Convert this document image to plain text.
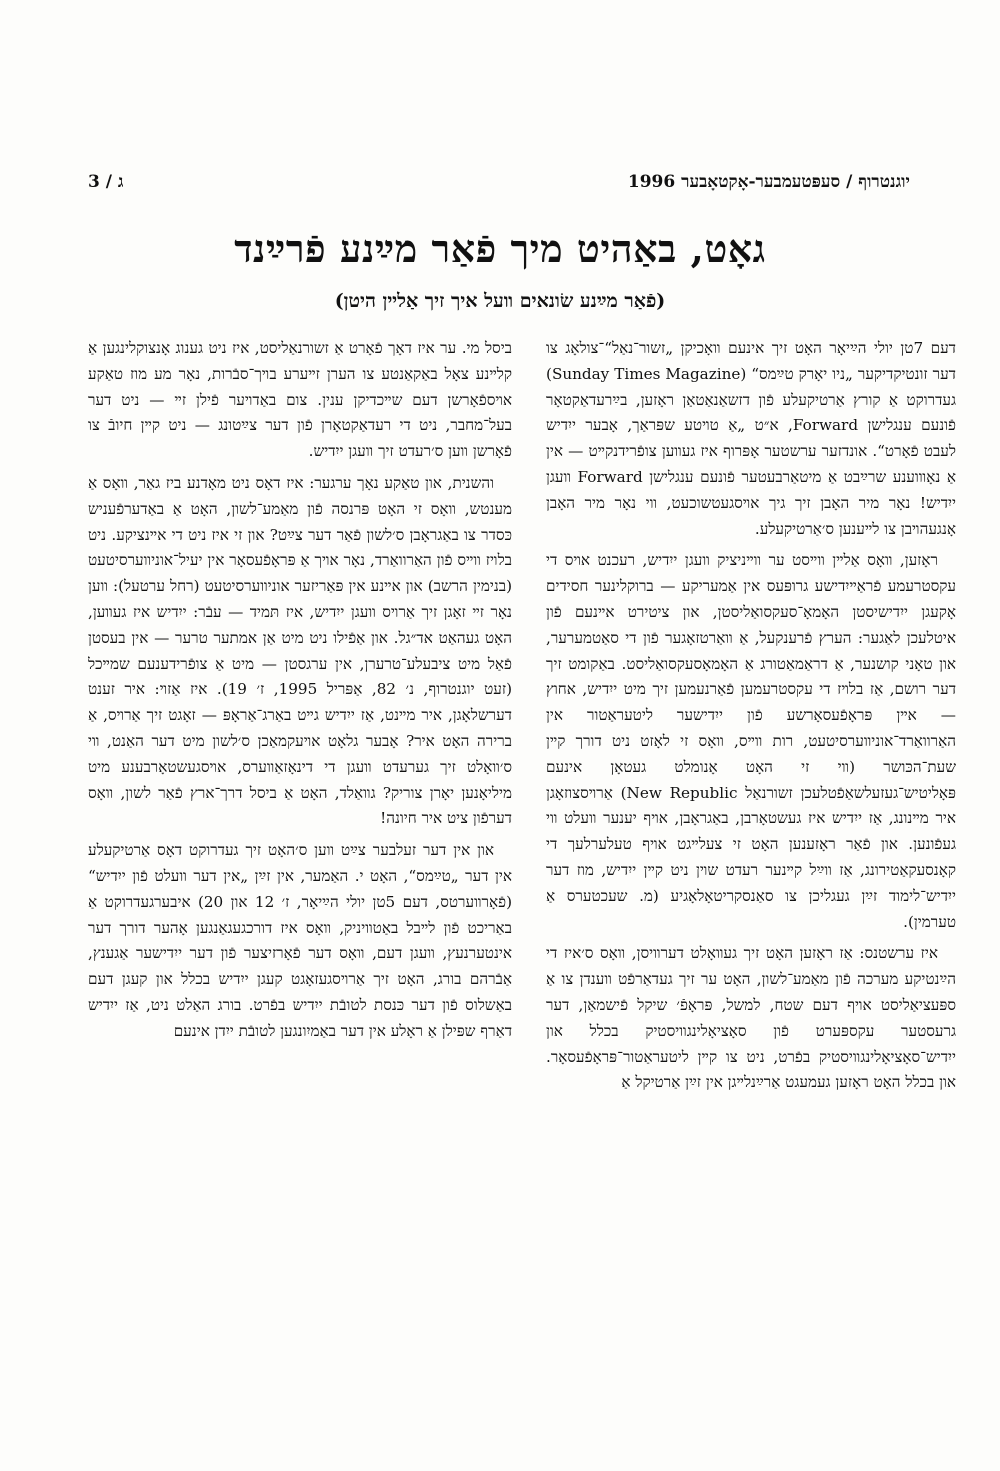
ג / 3	יוגנטרוף / סעפּטעמבער-אָקטאָבער 1996
גאָט, באַהיט מיך פֿאַר מײַנע פֿרײַנד
(פֿאַר מײַנע שׂונאים װעל איך זיך אַלײן היטן)

דעם 7טן יולי הײַיאָר האָט זיך אינעם װאָכיקן „זשור־נאַל“־צולאָג צו דער זונטיקדיקער „ניו יאָרק טײַמס“ (Sunday Times Magazine) געדרוקט אַ קורץ אַרטיקעלע פֿון דזשאַנאַטאַן ראָזען, בײַרעדאַקטאָר פֿונעם ענגלישן Forward, א״ט „אַ טױטע שפּראַך, אָבער ייִדיש לעבט פֿאָרט“. אונדזער ערשטער אָפּרוף איז געװען צופֿרידנקײט — אין אַ נאָװוענע שרײַבט אַ מיטאַרבעטער פֿונעם ענגלישן Forward װעגן ייִדיש! נאָר מיר האָבן זיך גיך אױסגעטשוכעט, װי נאָר מיר האָבן אָנגעהױבן צו לײענען ס׳אַרטיקעלע.

ראָזען, װאָס אַלײן װײסט ער װײניציק װעגן ייִדיש, רעכנט אױס די עקסטרעמע פֿראַײיִדישע גרופּעס אין אַמעריקע — ברוקלינער חסידים אָקעגן ייִדישיסטן האָמאָ־סעקסואַליסטן, און ציטירט אײנעם פֿון איטלעכן לאַגער: הערץ פֿרענקעל, אַ װאַרטזאָגער פֿון די סאַטמערער, און טאָני קושנער, אַ דראַמאַטורג אַ האָמאָסעקסואַליסט. באַקומט זיך דער רושם, אַז בלױז די עקסטרעמען פֿאַרנעמען זיך מיט ייִדיש, אחוץ — אײן פּראָפֿעסאָרשע פֿון ייִדישער ליטעראַטור אין האַרוואַרד־אוניװערסיטעט, רות װײס, װאָס זי לאָזט ניט דורך קײן שעת־הכּושר (װי זי האָט אָנומלט געטאָן אינעם פּאָליטיש־געזעלשאַפֿטלעכן זשורנאַל New Republic) אַרױסצוזאָגן איר מײנונג, אַז ייִדיש איז געשטאָרבן, באַגראָבן, אױף יענער װעלט װי געפֿונען. און פֿאַר ראָזענען האָט זי צעלײגט אױף טעלערלעך די קאָנסעקאַטירונג, אַז װײַל קײנער רעדט שױן ניט קײן ייִדיש, מוז דער ייִדיש־לימוד זײַן געגליכן צו סאַנסקריטאָלאָגיע (מ. שעכטערס אַ טערמין).

איז ערשטנס: אַז ראָזען האָט זיך געװאָלט דערװיסן, װאָס ס׳איז די הײַנטיקע מערכה פֿון מאַמע־לשון, האָט ער זיך געדאַרפֿט װענדן צו אַ ספּעציאַליסט אױף דעם שטח, למשל, פּראָפֿ׳ שיקל פֿישמאַן, דער גרעסטער עקספּערט פֿון סאָציאָלינגװיסטיק בכלל און ייִדיש־סאָציאָלינגװיסטיק בפֿרט, ניט צו קײן ליטעראַטור־פּראָפֿעסאָר. און בכלל האָט ראָזען געמעגט אַרײַנלײגן אין זײַן אַרטיקל אַ

ביסל מי. ער איז דאָך פֿאָרט אַ זשורנאַליסט, איז ניט גענוג אָנצוקלינגען אַ קלײנע צאָל באַקאַנטע צו הערן זײערע בױך־סבֿרות, נאָר מע מוז טאַקע אױספֿאָרשן דעם שײכדיקן ענין. צום באַדױער פֿילן זײ — ניט דער בעל־מחבר, ניט די רעדאַקטאָרן פֿון דער צײַטונג — ניט קײן חיובֿ צו פֿאָרשן װען ס׳רעדט זיך װעגן ייִדיש.

והשנית, און טאַקע נאָך ערגער: איז דאָס ניט מאָדנע ביז גאַר, װאָס אַ מענטש, װאָס זי האָט פּרנסה פֿון מאַמע־לשון, האָט אַ באַדערפֿעניש כּסדר צו באַגראָבן ס׳לשון פֿאַר דער צײַט? און זי איז ניט די אײנציקע. ניט בלױז װײס פֿון האַרוואַרד, נאָר אױך אַ פּראָפֿעסאָר אין יעיל־אוניװערסיטעט (בנימין הרשב) און אײנע אין פּאַריזער אוניװערסיטעט (רחל ערטעל): װען נאָר זײ זאָגן זיך אַרױס װעגן ייִדיש, איז תּמיד — עבֿר: ייִדיש איז געװען, האָט געהאַט אד״גל. און אַפֿילו ניט מיט אַן אמתער טרער — אין בעסטן פֿאַל מיט ציבעלע־טרערן, אין ערגסטן — מיט אַ צופֿרידענעם שמײכל (זעט יוגנטרוף, נ׳ 82, אַפּריל 1995, ז׳ 19). איז אַזױ: איר זענט דערשלאָגן, איר מײנט, אַז ייִדיש גײט באַרג־אַראָפּ — זאָגט זיך אַרױס, אַ ברירה האָט איר? אָבער גלאָט אױעקמאַכן ס׳לשון מיט דער האַנט, װי ס׳װאָלט זיך גערעדט װעגן די דינאָזאַװערס, אױסגעשטאָרבענע מיט מיליאָנען יאָרן צוריק? גװאַלד, האָט אַ ביסל דרך־ארץ פֿאַר לשון, װאָס דערפֿון ציט איר חיונה!

און אין דער זעלבער צײַט װען ס׳האָט זיך געדרוקט דאָס אַרטיקעלע אין דער „טײַמס“, האָט י. האַמער, אין זײַן „אין דער װעלט פֿון ייִדיש“ (פֿאָרװערטס, דעם 5טן יולי הײַיאָר, ז׳ 12 און 20) איבערגעדרוקט אַ באַריכט פֿון לײבל באַטװיניק, װאָס איז דורכגעגאַנגען אָהער דורך דער אינטערנעץ, װעגן דעם, װאָס דער פֿאָרזיצער פֿון דער ייִדישער אַגענץ, אַבֿרהם בורג, האָט זיך אַרױסגעזאָגט קעגן ייִדיש בכלל און קעגן דעם באַשלוס פֿון דער כּנסת לטובֿת ייִדיש בפֿרט. בורג האַלט ניט, אַז ייִדיש דאַרף שפּילן אַ ראָלע אין דער באַמיִונגען לטובֿת ייִדן אינעם
